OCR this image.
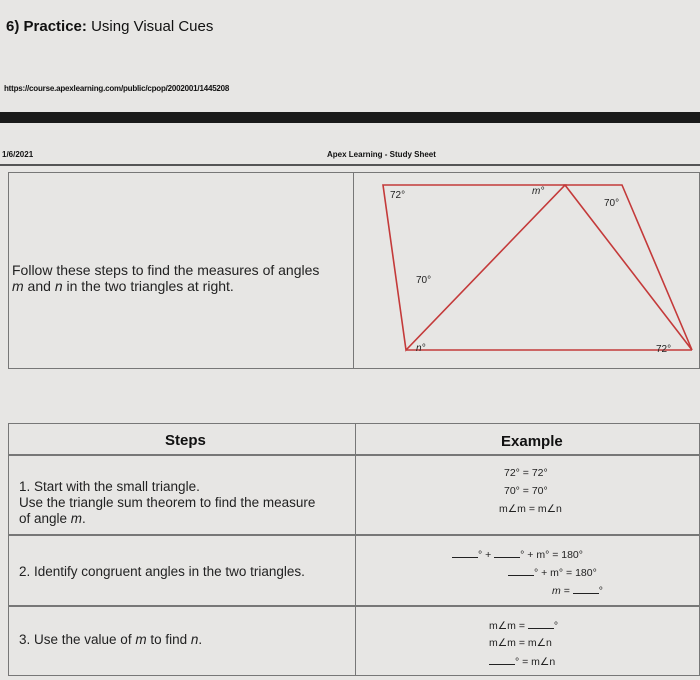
6) Practice: Using Visual Cues
https://course.apexlearning.com/public/cpop/2002001/1445208
1/6/2021	Apex Learning - Study Sheet
Follow these steps to find the measures of angles
m and n in the two triangles at right.
72°	m°
70°
70°
n°	72°
Steps	Example
1. Start with the small triangle.
Use the triangle sum theorem to find the measure
of angle m.
72° = 72°
70° = 70°
m∠m = m∠n
2. Identify congruent angles in the two triangles.
° + ° + m° = 180°
° + m° = 180°
m = °
3. Use the value of m to find n.
m∠m = °
m∠m = m∠n
° = m∠n
